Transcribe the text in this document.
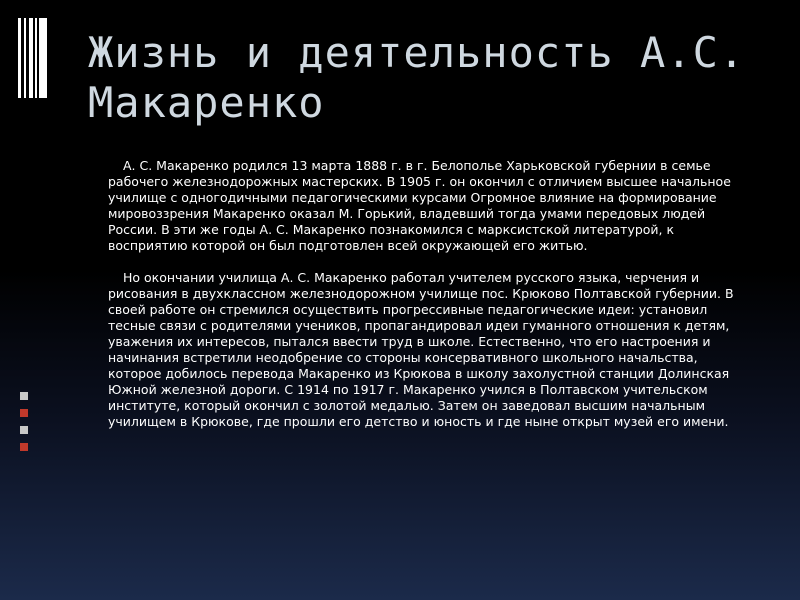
Жизнь и деятельность А.С. Макаренко

А. С. Макаренко родился 13 марта 1888 г. в г. Белополье Харьковской губернии в семье рабочего железнодорожных мастерских. В 1905 г. он окончил с отличием высшее начальное училище с одногодичными педагогическими курсами Огромное влияние на формирование мировоззрения Макаренко оказал М. Горький, владевший тогда умами передовых людей России. В эти же годы А. С. Макаренко познакомился с марксистской литературой, к восприятию которой он был подготовлен всей окружающей его житью.

Но окончании училища А. С. Макаренко работал учителем русского языка, черчения и рисования в двухклассном железнодорожном училище пос. Крюково Полтавской губернии. В своей работе он стремился осуществить прогрессивные педагогические идеи: установил тесные связи с родителями учеников, пропагандировал идеи гуманного отношения к детям, уважения их интересов, пытался ввести труд в школе. Естественно, что его настроения и начинания встретили неодобрение со стороны консервативного школьного начальства, которое добилось перевода Макаренко из Крюкова в школу захолустной станции Долинская Южной железной дороги. С 1914 по 1917 г. Макаренко учился в Полтавском учительском институте, который окончил с золотой медалью. Затем он заведовал высшим начальным училищем в Крюкове, где прошли его детство и юность и где ныне открыт музей его имени.
